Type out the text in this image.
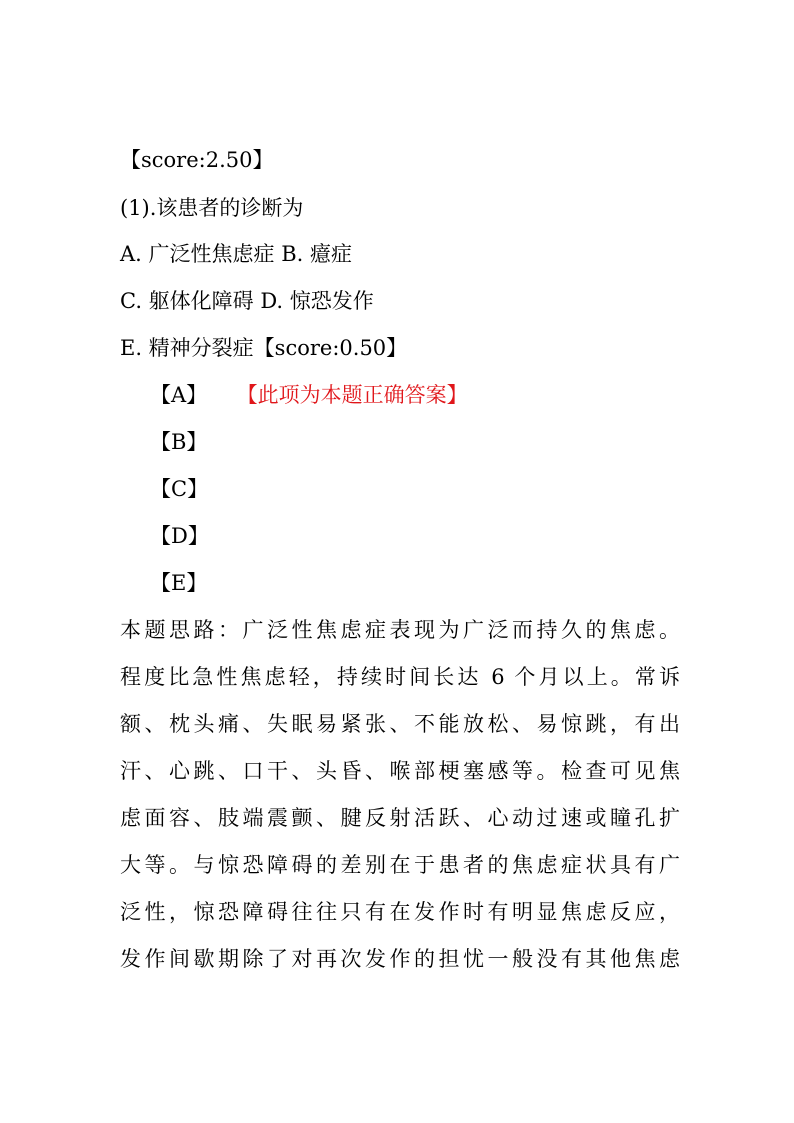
【score:2.50】
(1).该患者的诊断为
A. 广泛性焦虑症 B. 癔症
C. 躯体化障碍 D. 惊恐发作
E. 精神分裂症【score:0.50】
【A】 【此项为本题正确答案】
【B】
【C】
【D】
【E】
本题思路：广泛性焦虑症表现为广泛而持久的焦虑。
程度比急性焦虑轻，持续时间长达 6 个月以上。常诉
额、枕头痛、失眠易紧张、不能放松、易惊跳，有出
汗、心跳、口干、头昏、喉部梗塞感等。检查可见焦
虑面容、肢端震颤、腱反射活跃、心动过速或瞳孔扩
大等。与惊恐障碍的差别在于患者的焦虑症状具有广
泛性，惊恐障碍往往只有在发作时有明显焦虑反应，
发作间歇期除了对再次发作的担忧一般没有其他焦虑
